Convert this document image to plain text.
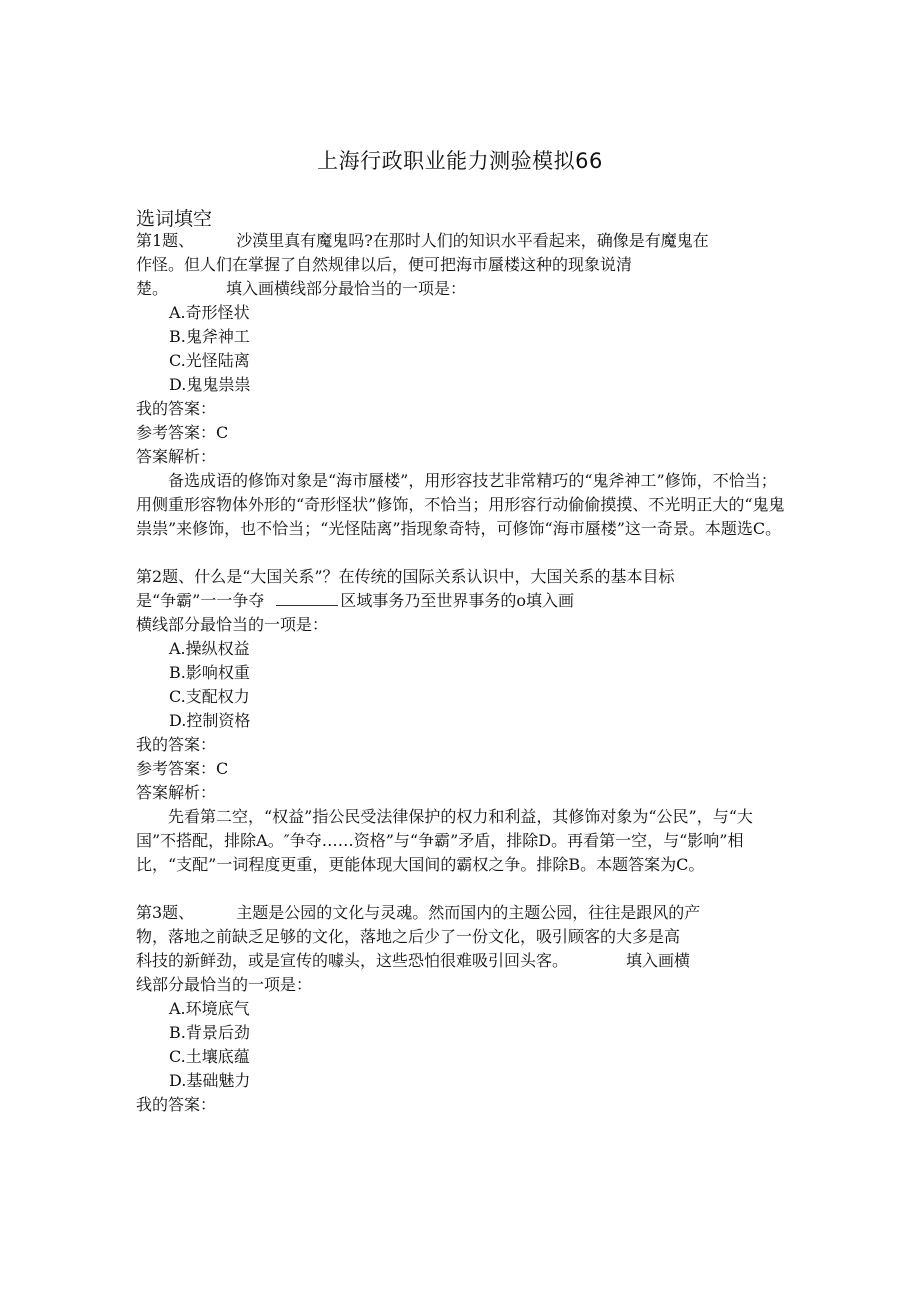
上海行政职业能力测验模拟66
选词填空

第1题、	沙漠里真有魔鬼吗?在那时人们的知识水平看起来，确像是有魔鬼在

作怪。但人们在掌握了自然规律以后，便可把海市蜃楼这种的现象说清

楚。	填入画横线部分最恰当的一项是：

A.奇形怪状

B.鬼斧神工

C.光怪陆离

D.鬼鬼祟祟

我的答案：

参考答案：C

答案解析：

备选成语的修饰对象是“海市蜃楼”，用形容技艺非常精巧的“鬼斧神工”修饰，不恰当；用侧重形容物体外形的“奇形怪状”修饰，不恰当；用形容行动偷偷摸摸、不光明正大的“鬼鬼祟祟”来修饰，也不恰当；“光怪陆离”指现象奇特，可修饰“海市蜃楼”这一奇景。本题选C。

第2题、什么是“大国关系”？在传统的国际关系认识中，大国关系的基本目标

是“争霸”一一争夺	区域事务乃至世界事务的o填入画

横线部分最恰当的一项是：

A.操纵权益

B.影响权重

C.支配权力

D.控制资格

我的答案：

参考答案：C

答案解析：

先看第二空，“权益”指公民受法律保护的权力和利益，其修饰对象为“公民”，与“大国”不搭配，排除A。″争夺……资格”与“争霸”矛盾，排除D。再看第一空，与“影响”相比，“支配”一词程度更重，更能体现大国间的霸权之争。排除B。本题答案为C。

第3题、	主题是公园的文化与灵魂。然而国内的主题公园，往往是跟风的产

物，落地之前缺乏足够的文化，落地之后少了一份文化，吸引顾客的大多是高

科技的新鲜劲，或是宣传的噱头，这些恐怕很难吸引回头客。	填入画横

线部分最恰当的一项是：

A.环境底气

B.背景后劲

C.土壤底蕴

D.基础魅力

我的答案：
